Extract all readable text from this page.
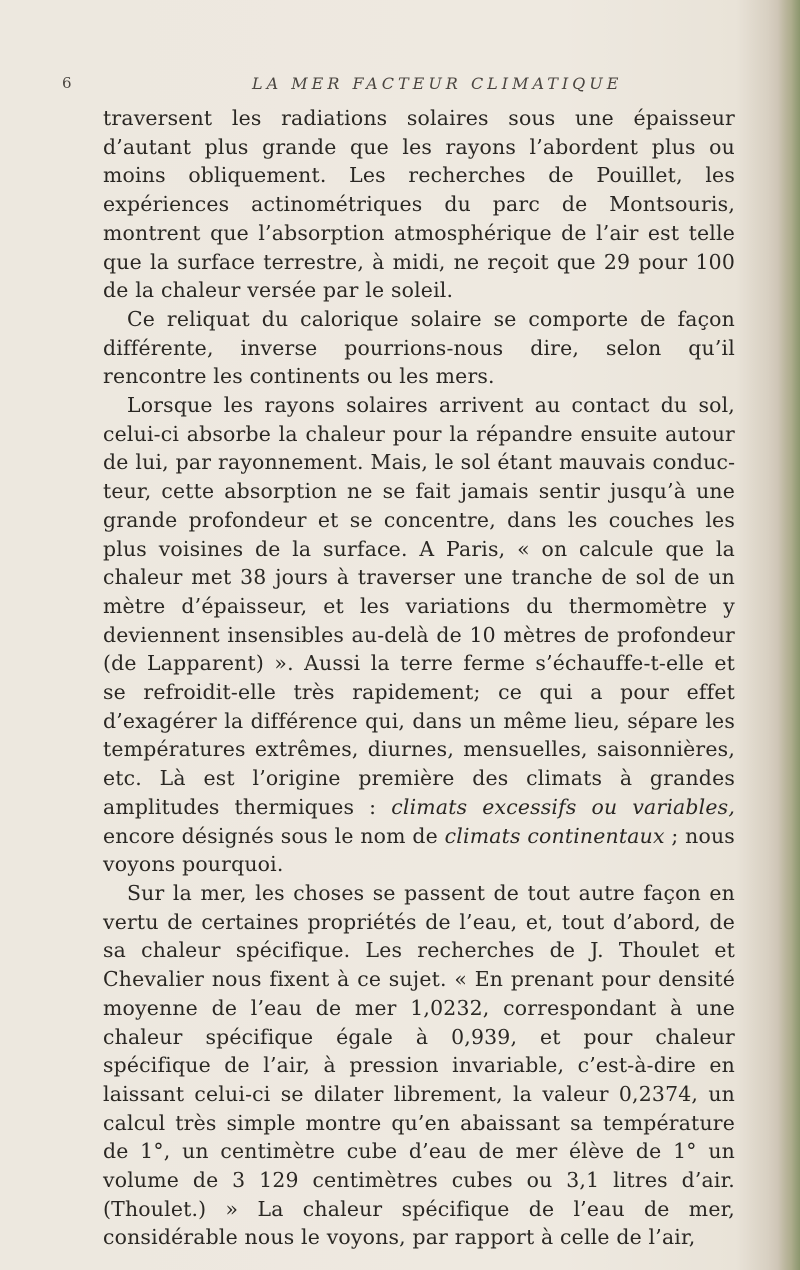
6	LA MER FACTEUR CLIMATIQUE

traversent les radiations solaires sous une épaisseur d’autant plus grande que les rayons l’abordent plus ou moins obliquement. Les recherches de Pouillet, les expériences actinométriques du parc de Montsouris, montrent que l’absorption atmosphérique de l’air est telle que la surface terrestre, à midi, ne reçoit que 29 pour 100 de la chaleur versée par le soleil.

Ce reliquat du calorique solaire se comporte de façon différente, inverse pourrions-nous dire, selon qu’il rencontre les continents ou les mers.

Lorsque les rayons solaires arrivent au contact du sol, celui-ci absorbe la chaleur pour la répandre ensuite autour de lui, par rayonnement. Mais, le sol étant mauvais conducteur, cette absorption ne se fait jamais sentir jusqu’à une grande profondeur et se concentre, dans les couches les plus voisines de la surface. A Paris, « on calcule que la chaleur met 38 jours à traverser une tranche de sol de un mètre d’épaisseur, et les variations du thermomètre y deviennent insensibles au-delà de 10 mètres de profondeur (de Lapparent) ». Aussi la terre ferme s’échauffe-t-elle et se refroidit-elle très rapidement; ce qui a pour effet d’exagérer la différence qui, dans un même lieu, sépare les températures extrêmes, diurnes, mensuelles, saisonnières, etc. Là est l’origine première des climats à grandes amplitudes thermiques : climats excessifs ou variables, encore désignés sous le nom de climats continentaux ; nous voyons pourquoi.

Sur la mer, les choses se passent de tout autre façon en vertu de certaines propriétés de l’eau, et, tout d’abord, de sa chaleur spécifique. Les recherches de J. Thoulet et Chevalier nous fixent à ce sujet. « En prenant pour densité moyenne de l’eau de mer 1,0232, correspondant à une chaleur spécifique égale à 0,939, et pour chaleur spécifique de l’air, à pression invariable, c’est-à-dire en laissant celui-ci se dilater librement, la valeur 0,2374, un calcul très simple montre qu’en abaissant sa température de 1°, un centimètre cube d’eau de mer élève de 1° un volume de 3 129 centimètres cubes ou 3,1 litres d’air. (Thoulet.) » La chaleur spécifique de l’eau de mer, considérable nous le voyons, par rapport à celle de l’air,
